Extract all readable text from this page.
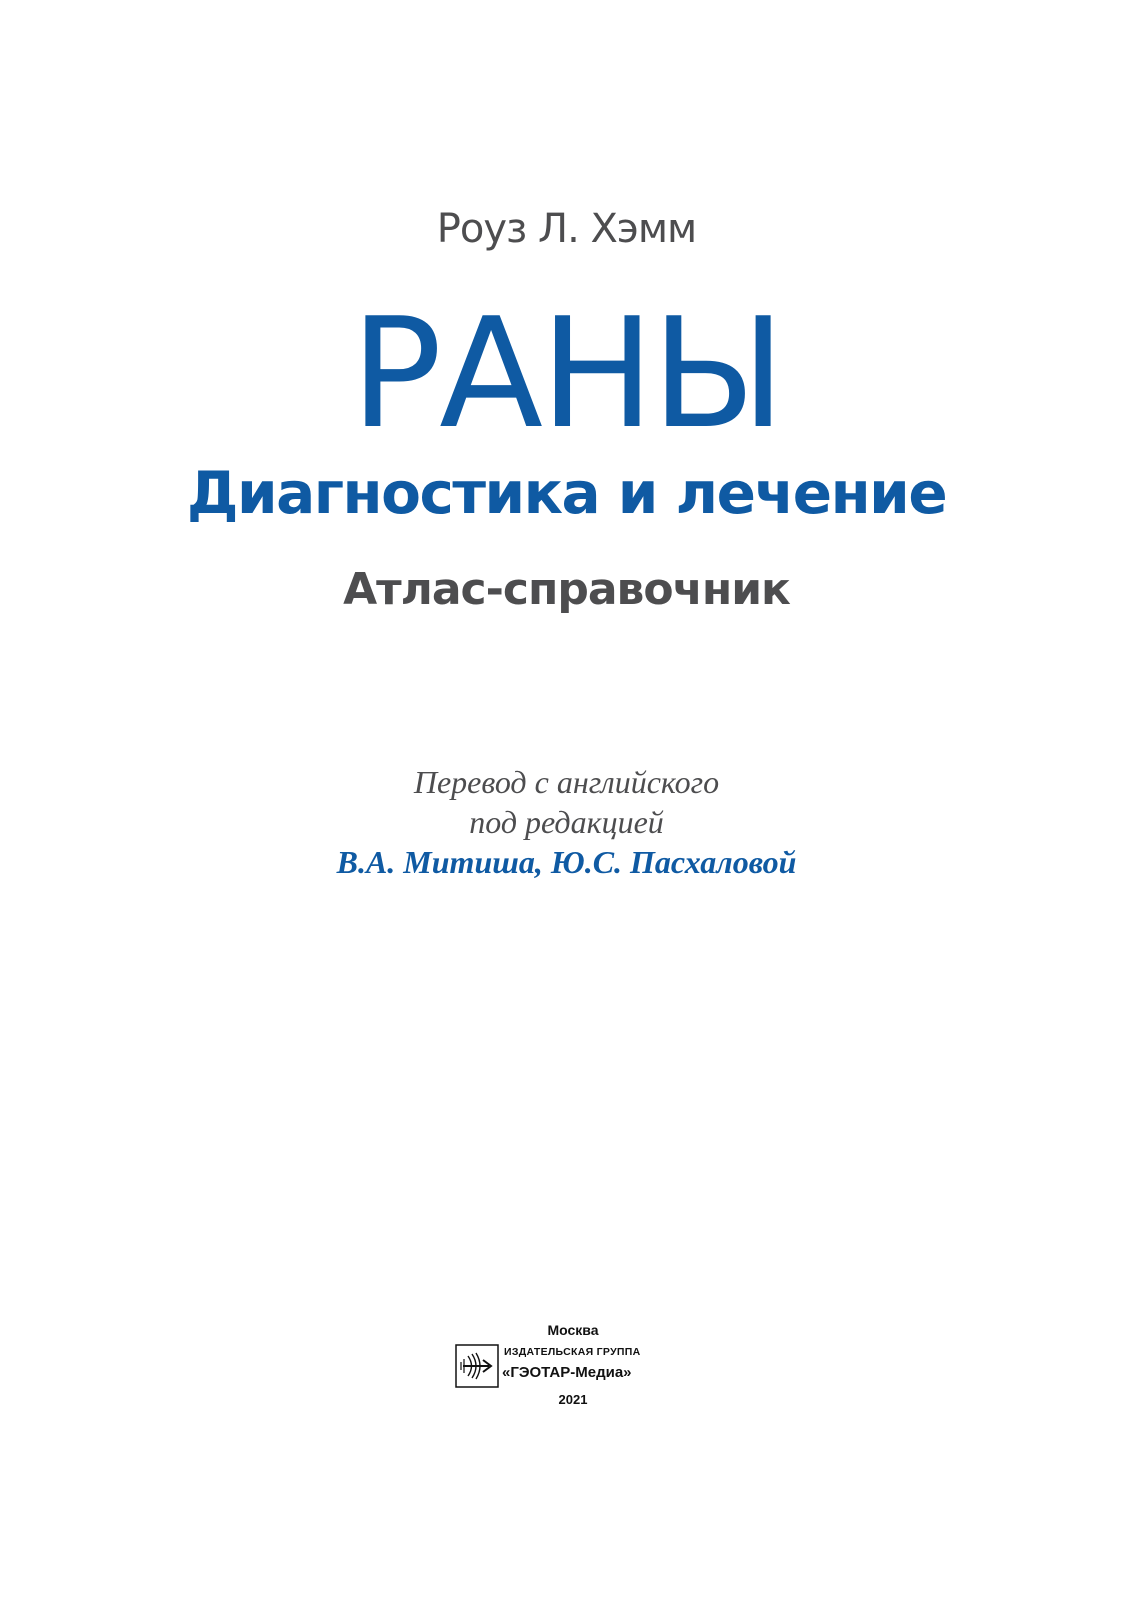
Роуз Л. Хэмм
РАНЫ
Диагностика и лечение
Атлас-справочник
Перевод с английского
под редакцией
В.А. Митиша, Ю.С. Пасхаловой
Москва
ИЗДАТЕЛЬСКАЯ ГРУППА
«ГЭОТАР-Медиа»
2021
